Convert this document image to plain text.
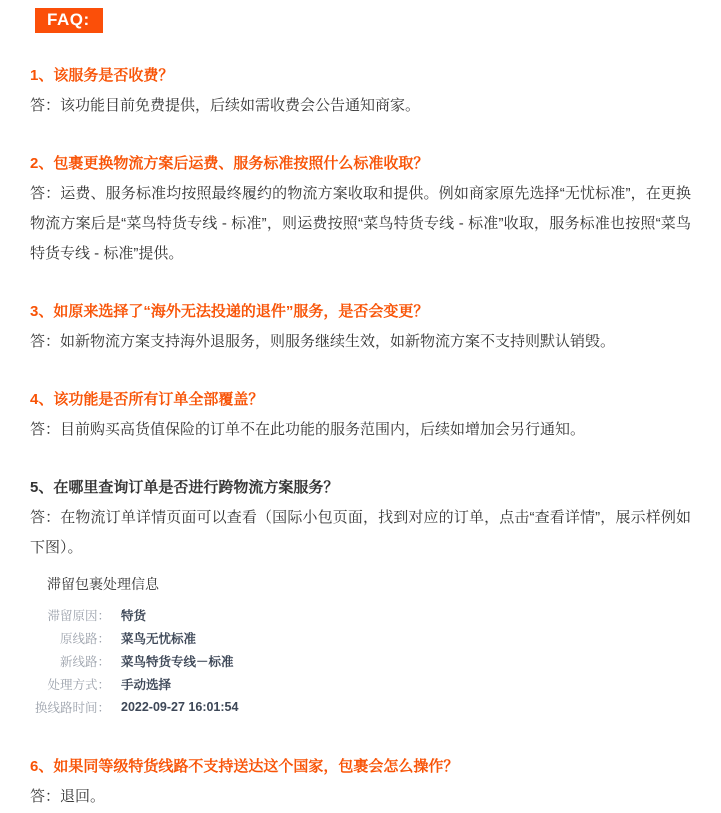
FAQ:
1、该服务是否收费？
答：该功能目前免费提供，后续如需收费会公告通知商家。
2、包裹更换物流方案后运费、服务标准按照什么标准收取？
答：运费、服务标准均按照最终履约的物流方案收取和提供。例如商家原先选择“无忧标准”，在更换物流方案后是“菜鸟特货专线 - 标准”，则运费按照“菜鸟特货专线 - 标准”收取，服务标准也按照“菜鸟特货专线 - 标准”提供。
3、如原来选择了“海外无法投递的退件”服务，是否会变更？
答：如新物流方案支持海外退服务，则服务继续生效，如新物流方案不支持则默认销毁。
4、该功能是否所有订单全部覆盖？
答：目前购买高货值保险的订单不在此功能的服务范围内，后续如增加会另行通知。
5、在哪里查询订单是否进行跨物流方案服务？
答：在物流订单详情页面可以查看（国际小包页面，找到对应的订单，点击“查看详情”，展示样例如下图）。
滞留包裹处理信息
滞留原因： 特货
原线路： 菜鸟无忧标准
新线路： 菜鸟特货专线－标准
处理方式： 手动选择
换线路时间： 2022-09-27 16:01:54
6、如果同等级特货线路不支持送达这个国家，包裹会怎么操作？
答：退回。
